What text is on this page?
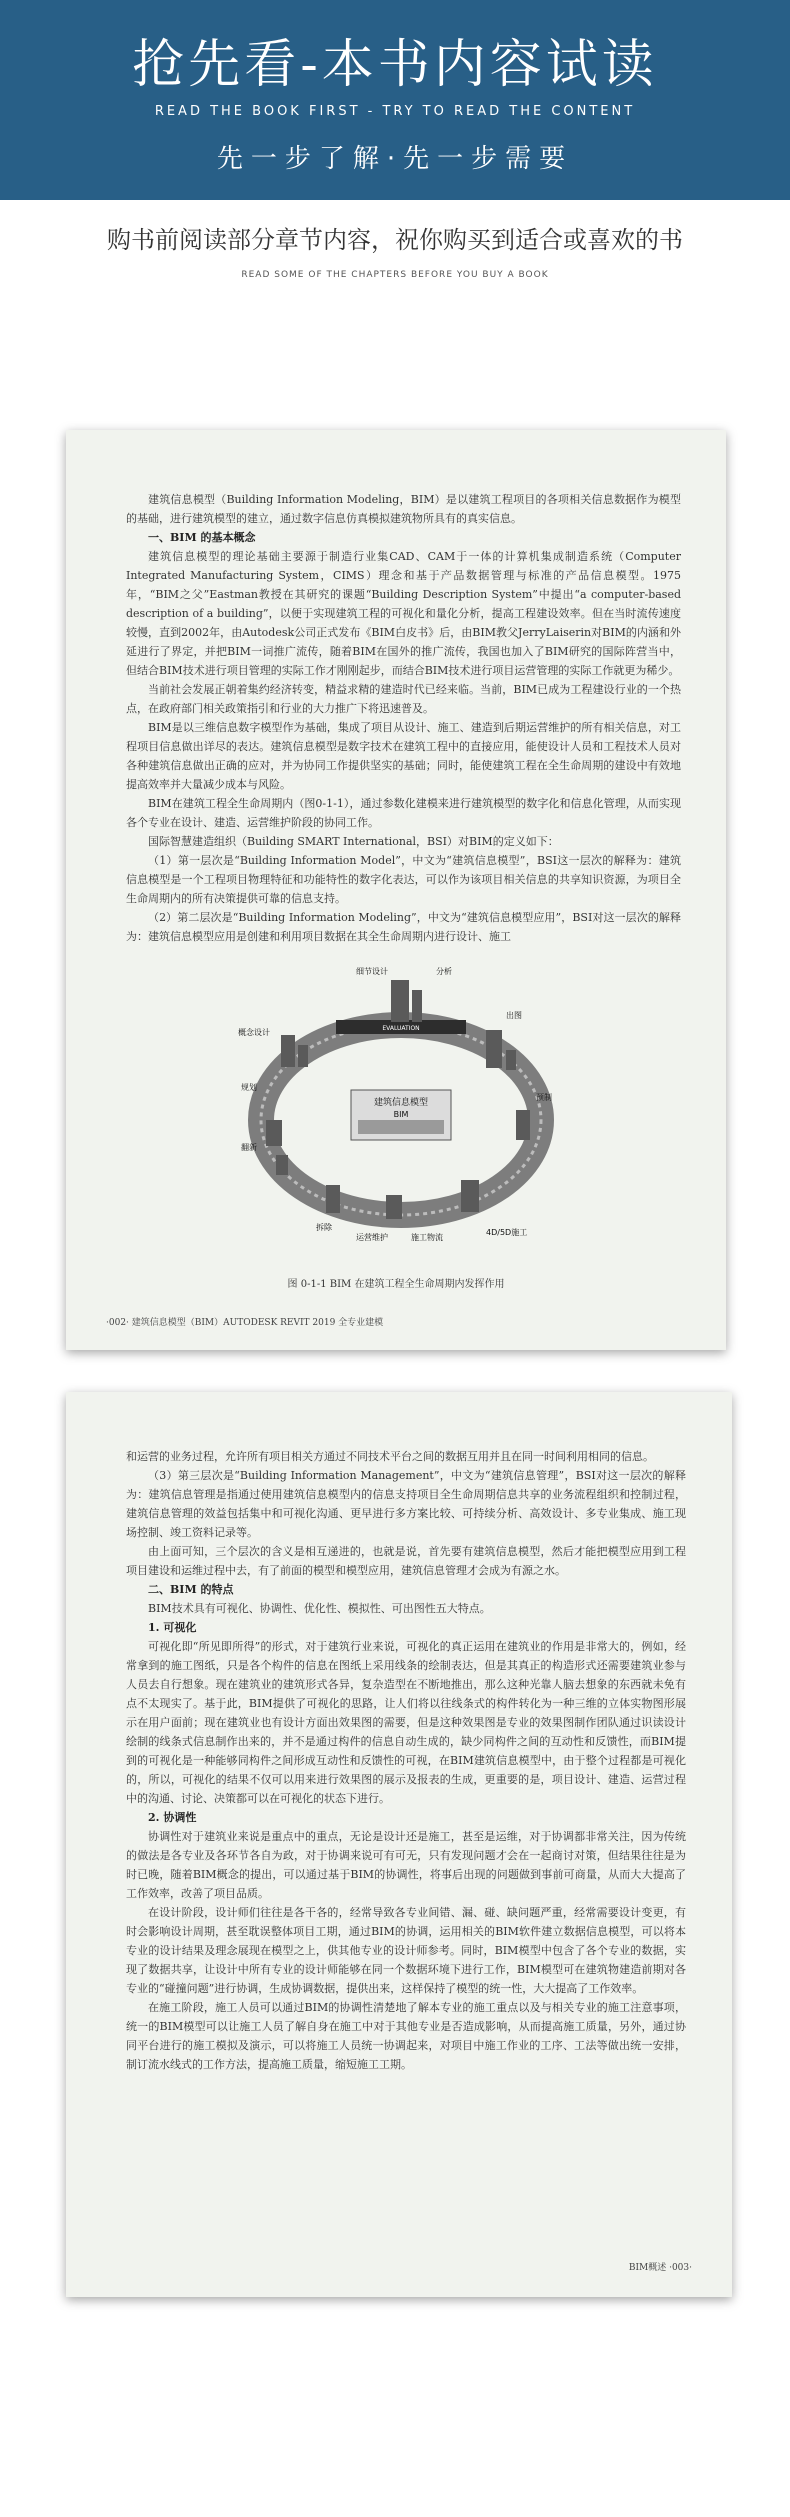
抢先看-本书内容试读
READ THE BOOK FIRST - TRY TO READ THE CONTENT
先一步了解·先一步需要
购书前阅读部分章节内容，祝你购买到适合或喜欢的书
READ SOME OF THE CHAPTERS BEFORE YOU BUY A BOOK

建筑信息模型（Building Information Modeling，BIM）是以建筑工程项目的各项相关信息数据作为模型的基础，进行建筑模型的建立，通过数字信息仿真模拟建筑物所具有的真实信息。

一、BIM 的基本概念

建筑信息模型的理论基础主要源于制造行业集CAD、CAM于一体的计算机集成制造系统（Computer Integrated Manufacturing System，CIMS）理念和基于产品数据管理与标准的产品信息模型。1975年，“BIM之父”Eastman教授在其研究的课题“Building Description System”中提出“a computer-based description of a building”，以便于实现建筑工程的可视化和量化分析，提高工程建设效率。但在当时流传速度较慢，直到2002年，由Autodesk公司正式发布《BIM白皮书》后，由BIM教父JerryLaiserin对BIM的内涵和外延进行了界定，并把BIM一词推广流传，随着BIM在国外的推广流传，我国也加入了BIM研究的国际阵营当中，但结合BIM技术进行项目管理的实际工作才刚刚起步，而结合BIM技术进行项目运营管理的实际工作就更为稀少。

当前社会发展正朝着集约经济转变，精益求精的建造时代已经来临。当前，BIM已成为工程建设行业的一个热点，在政府部门相关政策指引和行业的大力推广下将迅速普及。

BIM是以三维信息数字模型作为基础，集成了项目从设计、施工、建造到后期运营维护的所有相关信息，对工程项目信息做出详尽的表达。建筑信息模型是数字技术在建筑工程中的直接应用，能使设计人员和工程技术人员对各种建筑信息做出正确的应对，并为协同工作提供坚实的基础；同时，能使建筑工程在全生命周期的建设中有效地提高效率并大量减少成本与风险。

BIM在建筑工程全生命周期内（图0-1-1），通过参数化建模来进行建筑模型的数字化和信息化管理，从而实现各个专业在设计、建造、运营维护阶段的协同工作。

国际智慧建造组织（Building SMART International，BSI）对BIM的定义如下：

（1）第一层次是“Building Information Model”，中文为“建筑信息模型”，BSI这一层次的解释为：建筑信息模型是一个工程项目物理特征和功能特性的数字化表达，可以作为该项目相关信息的共享知识资源，为项目全生命周期内的所有决策提供可靠的信息支持。

（2）第二层次是“Building Information Modeling”，中文为“建筑信息模型应用”，BSI对这一层次的解释为：建筑信息模型应用是创建和利用项目数据在其全生命周期内进行设计、施工

EVALUATION
建筑信息模型
BIM
细节设计	分析
出图
预制
4D/5D施工
施工物流
运营维护
拆除
翻新
规划
概念设计
图 0-1-1 BIM 在建筑工程全生命周期内发挥作用
·002· 建筑信息模型（BIM）AUTODESK REVIT 2019 全专业建模

和运营的业务过程，允许所有项目相关方通过不同技术平台之间的数据互用并且在同一时间利用相同的信息。

（3）第三层次是“Building Information Management”，中文为“建筑信息管理”，BSI对这一层次的解释为：建筑信息管理是指通过使用建筑信息模型内的信息支持项目全生命周期信息共享的业务流程组织和控制过程，建筑信息管理的效益包括集中和可视化沟通、更早进行多方案比较、可持续分析、高效设计、多专业集成、施工现场控制、竣工资料记录等。

由上面可知，三个层次的含义是相互递进的，也就是说，首先要有建筑信息模型，然后才能把模型应用到工程项目建设和运维过程中去，有了前面的模型和模型应用，建筑信息管理才会成为有源之水。

二、BIM 的特点

BIM技术具有可视化、协调性、优化性、模拟性、可出图性五大特点。

1. 可视化

可视化即“所见即所得”的形式，对于建筑行业来说，可视化的真正运用在建筑业的作用是非常大的，例如，经常拿到的施工图纸，只是各个构件的信息在图纸上采用线条的绘制表达，但是其真正的构造形式还需要建筑业参与人员去自行想象。现在建筑业的建筑形式各异，复杂造型在不断地推出，那么这种光靠人脑去想象的东西就未免有点不太现实了。基于此，BIM提供了可视化的思路，让人们将以往线条式的构件转化为一种三维的立体实物图形展示在用户面前；现在建筑业也有设计方面出效果图的需要，但是这种效果图是专业的效果图制作团队通过识读设计绘制的线条式信息制作出来的，并不是通过构件的信息自动生成的，缺少同构件之间的互动性和反馈性，而BIM提到的可视化是一种能够同构件之间形成互动性和反馈性的可视，在BIM建筑信息模型中，由于整个过程都是可视化的，所以，可视化的结果不仅可以用来进行效果图的展示及报表的生成，更重要的是，项目设计、建造、运营过程中的沟通、讨论、决策都可以在可视化的状态下进行。

2. 协调性

协调性对于建筑业来说是重点中的重点，无论是设计还是施工，甚至是运维，对于协调都非常关注，因为传统的做法是各专业及各环节各自为政，对于协调来说可有可无，只有发现问题才会在一起商讨对策，但结果往往是为时已晚，随着BIM概念的提出，可以通过基于BIM的协调性，将事后出现的问题做到事前可商量，从而大大提高了工作效率，改善了项目品质。

在设计阶段，设计师们往往是各干各的，经常导致各专业间错、漏、碰、缺问题严重，经常需要设计变更，有时会影响设计周期，甚至耽误整体项目工期，通过BIM的协调，运用相关的BIM软件建立数据信息模型，可以将本专业的设计结果及理念展现在模型之上，供其他专业的设计师参考。同时，BIM模型中包含了各个专业的数据，实现了数据共享，让设计中所有专业的设计师能够在同一个数据环境下进行工作，BIM模型可在建筑物建造前期对各专业的“碰撞问题”进行协调，生成协调数据，提供出来，这样保持了模型的统一性，大大提高了工作效率。

在施工阶段，施工人员可以通过BIM的协调性清楚地了解本专业的施工重点以及与相关专业的施工注意事项，统一的BIM模型可以让施工人员了解自身在施工中对于其他专业是否造成影响，从而提高施工质量，另外，通过协同平台进行的施工模拟及演示，可以将施工人员统一协调起来，对项目中施工作业的工序、工法等做出统一安排，制订流水线式的工作方法，提高施工质量，缩短施工工期。

BIM概述 ·003·
